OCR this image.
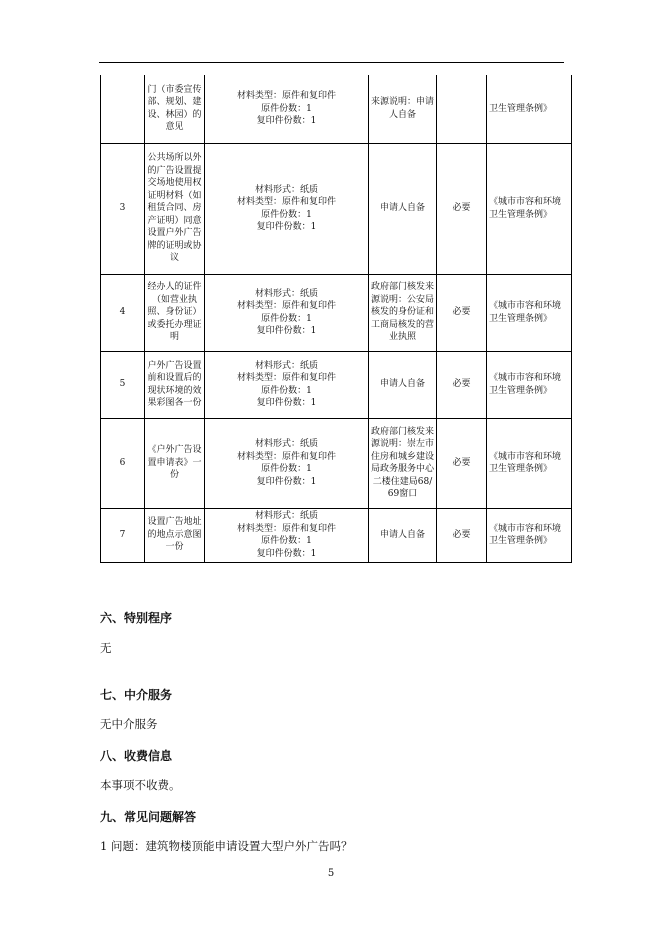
	门（市委宣传部、规划、建设、林园）的意见	材料类型：原件和复印件
原件份数：1
复印件份数：1	来源说明：申请人自备		卫生管理条例》
3	公共场所以外的广告设置提交场地使用权证明材料（如租赁合同、房产证明）同意设置户外广告牌的证明或协议	材料形式：纸质
材料类型：原件和复印件
原件份数：1
复印件份数：1	申请人自备	必要	《城市市容和环境卫生管理条例》
4	经办人的证件（如营业执照、身份证）或委托办理证明	材料形式：纸质
材料类型：原件和复印件
原件份数：1
复印件份数：1	政府部门核发来源说明：公安局核发的身份证和工商局核发的营业执照	必要	《城市市容和环境卫生管理条例》
5	户外广告设置前和设置后的现状环境的效果彩图各一份	材料形式：纸质
材料类型：原件和复印件
原件份数：1
复印件份数：1	申请人自备	必要	《城市市容和环境卫生管理条例》
6	《户外广告设置申请表》一份	材料形式：纸质
材料类型：原件和复印件
原件份数：1
复印件份数：1	政府部门核发来源说明：崇左市住房和城乡建设局政务服务中心二楼住建局68/69窗口	必要	《城市市容和环境卫生管理条例》
7	设置广告地址的地点示意图一份	材料形式：纸质
材料类型：原件和复印件
原件份数：1
复印件份数：1	申请人自备	必要	《城市市容和环境卫生管理条例》
六、特别程序
无
七、中介服务
无中介服务
八、收费信息
本事项不收费。
九、常见问题解答
1 问题：建筑物楼顶能申请设置大型户外广告吗？
5
